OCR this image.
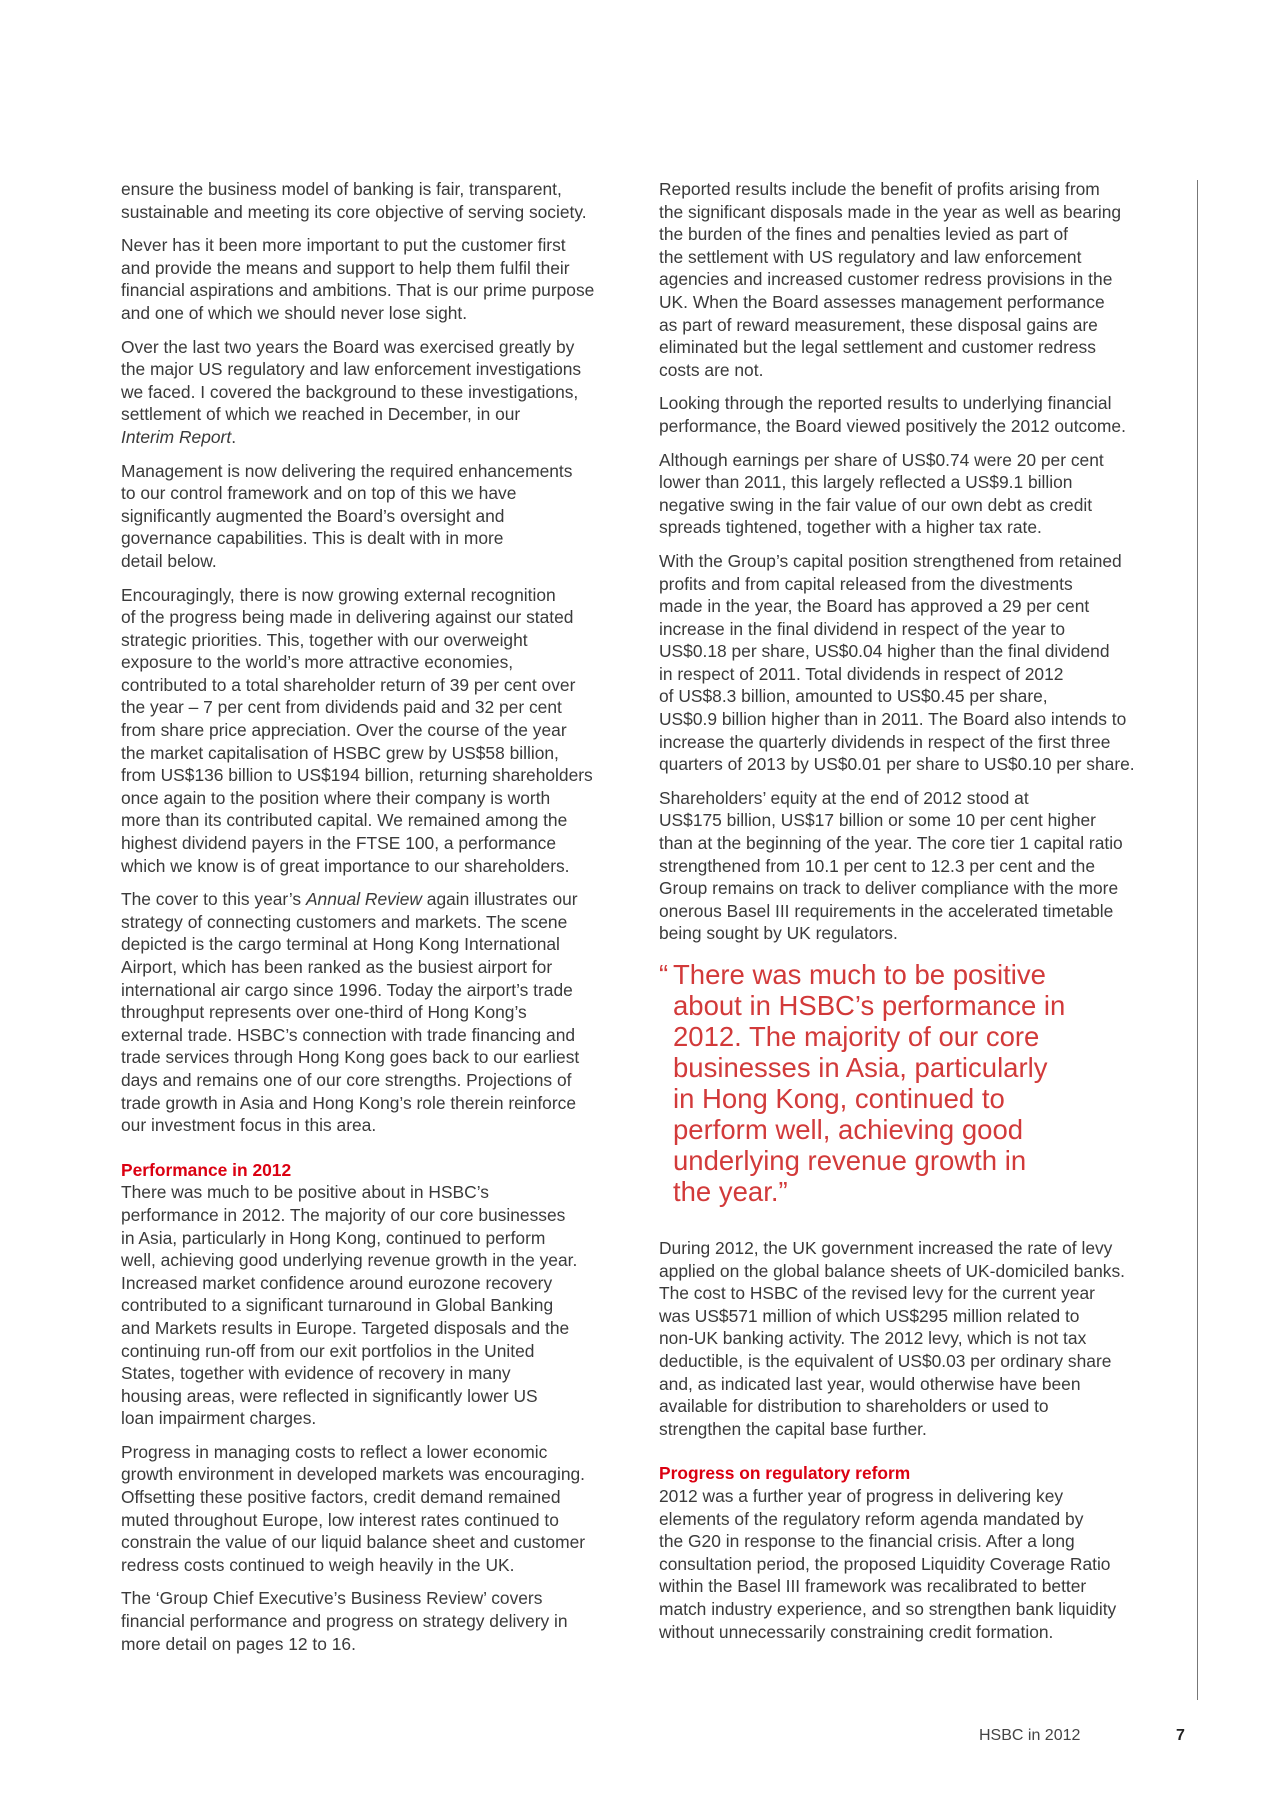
ensure the business model of banking is fair, transparent,
sustainable and meeting its core objective of serving society.
Never has it been more important to put the customer first
and provide the means and support to help them fulfil their
financial aspirations and ambitions. That is our prime purpose
and one of which we should never lose sight.
Over the last two years the Board was exercised greatly by
the major US regulatory and law enforcement investigations
we faced. I covered the background to these investigations,
settlement of which we reached in December, in our
Interim Report.
Management is now delivering the required enhancements
to our control framework and on top of this we have
significantly augmented the Board’s oversight and
governance capabilities. This is dealt with in more
detail below.
Encouragingly, there is now growing external recognition
of the progress being made in delivering against our stated
strategic priorities. This, together with our overweight
exposure to the world’s more attractive economies,
contributed to a total shareholder return of 39 per cent over
the year – 7 per cent from dividends paid and 32 per cent
from share price appreciation. Over the course of the year
the market capitalisation of HSBC grew by US$58 billion,
from US$136 billion to US$194 billion, returning shareholders
once again to the position where their company is worth
more than its contributed capital. We remained among the
highest dividend payers in the FTSE 100, a performance
which we know is of great importance to our shareholders.
The cover to this year’s Annual Review again illustrates our
strategy of connecting customers and markets. The scene
depicted is the cargo terminal at Hong Kong International
Airport, which has been ranked as the busiest airport for
international air cargo since 1996. Today the airport’s trade
throughput represents over one-third of Hong Kong’s
external trade. HSBC’s connection with trade financing and
trade services through Hong Kong goes back to our earliest
days and remains one of our core strengths. Projections of
trade growth in Asia and Hong Kong’s role therein reinforce
our investment focus in this area.
Performance in 2012
There was much to be positive about in HSBC’s
performance in 2012. The majority of our core businesses
in Asia, particularly in Hong Kong, continued to perform
well, achieving good underlying revenue growth in the year.
Increased market confidence around eurozone recovery
contributed to a significant turnaround in Global Banking
and Markets results in Europe. Targeted disposals and the
continuing run-off from our exit portfolios in the United
States, together with evidence of recovery in many
housing areas, were reflected in significantly lower US
loan impairment charges.
Progress in managing costs to reflect a lower economic
growth environment in developed markets was encouraging.
Offsetting these positive factors, credit demand remained
muted throughout Europe, low interest rates continued to
constrain the value of our liquid balance sheet and customer
redress costs continued to weigh heavily in the UK.
The ‘Group Chief Executive’s Business Review’ covers
financial performance and progress on strategy delivery in
more detail on pages 12 to 16.
Reported results include the benefit of profits arising from
the significant disposals made in the year as well as bearing
the burden of the fines and penalties levied as part of
the settlement with US regulatory and law enforcement
agencies and increased customer redress provisions in the
UK. When the Board assesses management performance
as part of reward measurement, these disposal gains are
eliminated but the legal settlement and customer redress
costs are not.
Looking through the reported results to underlying financial
performance, the Board viewed positively the 2012 outcome.
Although earnings per share of US$0.74 were 20 per cent
lower than 2011, this largely reflected a US$9.1 billion
negative swing in the fair value of our own debt as credit
spreads tightened, together with a higher tax rate.
With the Group’s capital position strengthened from retained
profits and from capital released from the divestments
made in the year, the Board has approved a 29 per cent
increase in the final dividend in respect of the year to
US$0.18 per share, US$0.04 higher than the final dividend
in respect of 2011. Total dividends in respect of 2012
of US$8.3 billion, amounted to US$0.45 per share,
US$0.9 billion higher than in 2011. The Board also intends to
increase the quarterly dividends in respect of the first three
quarters of 2013 by US$0.01 per share to US$0.10 per share.
Shareholders’ equity at the end of 2012 stood at
US$175 billion, US$17 billion or some 10 per cent higher
than at the beginning of the year. The core tier 1 capital ratio
strengthened from 10.1 per cent to 12.3 per cent and the
Group remains on track to deliver compliance with the more
onerous Basel III requirements in the accelerated timetable
being sought by UK regulators.
“ There was much to be positive
about in HSBC’s performance in
2012. The majority of our core
businesses in Asia, particularly
in Hong Kong, continued to
perform well, achieving good
underlying revenue growth in
the year.”
During 2012, the UK government increased the rate of levy
applied on the global balance sheets of UK-domiciled banks.
The cost to HSBC of the revised levy for the current year
was US$571 million of which US$295 million related to
non-UK banking activity. The 2012 levy, which is not tax
deductible, is the equivalent of US$0.03 per ordinary share
and, as indicated last year, would otherwise have been
available for distribution to shareholders or used to
strengthen the capital base further.
Progress on regulatory reform
2012 was a further year of progress in delivering key
elements of the regulatory reform agenda mandated by
the G20 in response to the financial crisis. After a long
consultation period, the proposed Liquidity Coverage Ratio
within the Basel III framework was recalibrated to better
match industry experience, and so strengthen bank liquidity
without unnecessarily constraining credit formation.
HSBC in 2012	7
